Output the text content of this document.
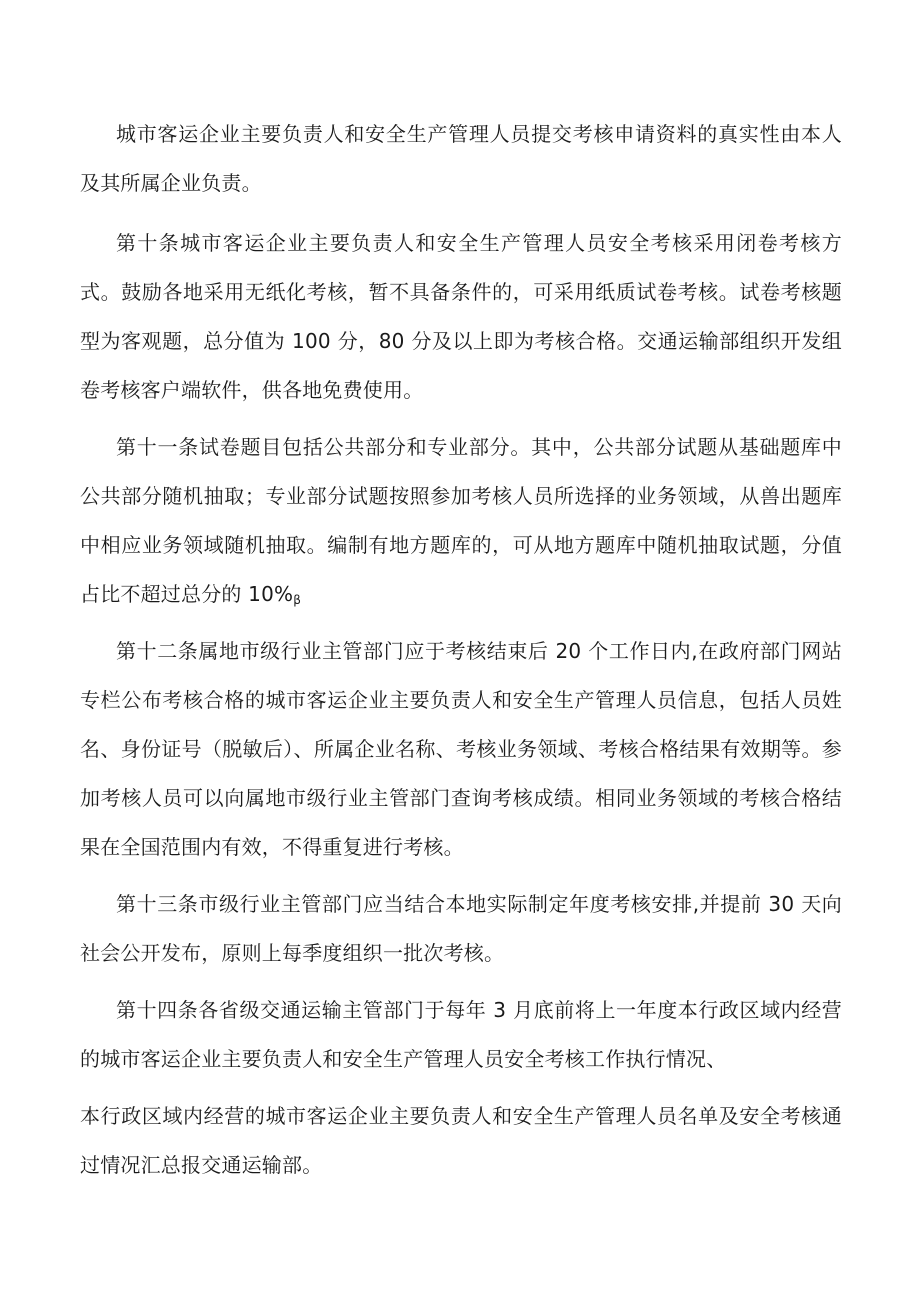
城市客运企业主要负责人和安全生产管理人员提交考核申请资料的真实性由本人及其所属企业负责。

第十条城市客运企业主要负责人和安全生产管理人员安全考核采用闭卷考核方式。鼓励各地采用无纸化考核，暂不具备条件的，可采用纸质试卷考核。试卷考核题型为客观题，总分值为 100 分，80 分及以上即为考核合格。交通运输部组织开发组卷考核客户端软件，供各地免费使用。

第十一条试卷题目包括公共部分和专业部分。其中，公共部分试题从基础题库中公共部分随机抽取；专业部分试题按照参加考核人员所选择的业务领域，从兽出题库中相应业务领域随机抽取。编制有地方题库的，可从地方题库中随机抽取试题，分值占比不超过总分的 $10\%_\beta$

第十二条属地市级行业主管部门应于考核结束后 20 个工作日内,在政府部门网站专栏公布考核合格的城市客运企业主要负责人和安全生产管理人员信息，包括人员姓名、身份证号（脱敏后）、所属企业名称、考核业务领域、考核合格结果有效期等。参加考核人员可以向属地市级行业主管部门查询考核成绩。相同业务领域的考核合格结果在全国范围内有效，不得重复进行考核。

第十三条市级行业主管部门应当结合本地实际制定年度考核安排,并提前 30 天向社会公开发布，原则上每季度组织一批次考核。

第十四条各省级交通运输主管部门于每年 3 月底前将上一年度本行政区域内经营的城市客运企业主要负责人和安全生产管理人员安全考核工作执行情况、

本行政区域内经营的城市客运企业主要负责人和安全生产管理人员名单及安全考核通过情况汇总报交通运输部。
